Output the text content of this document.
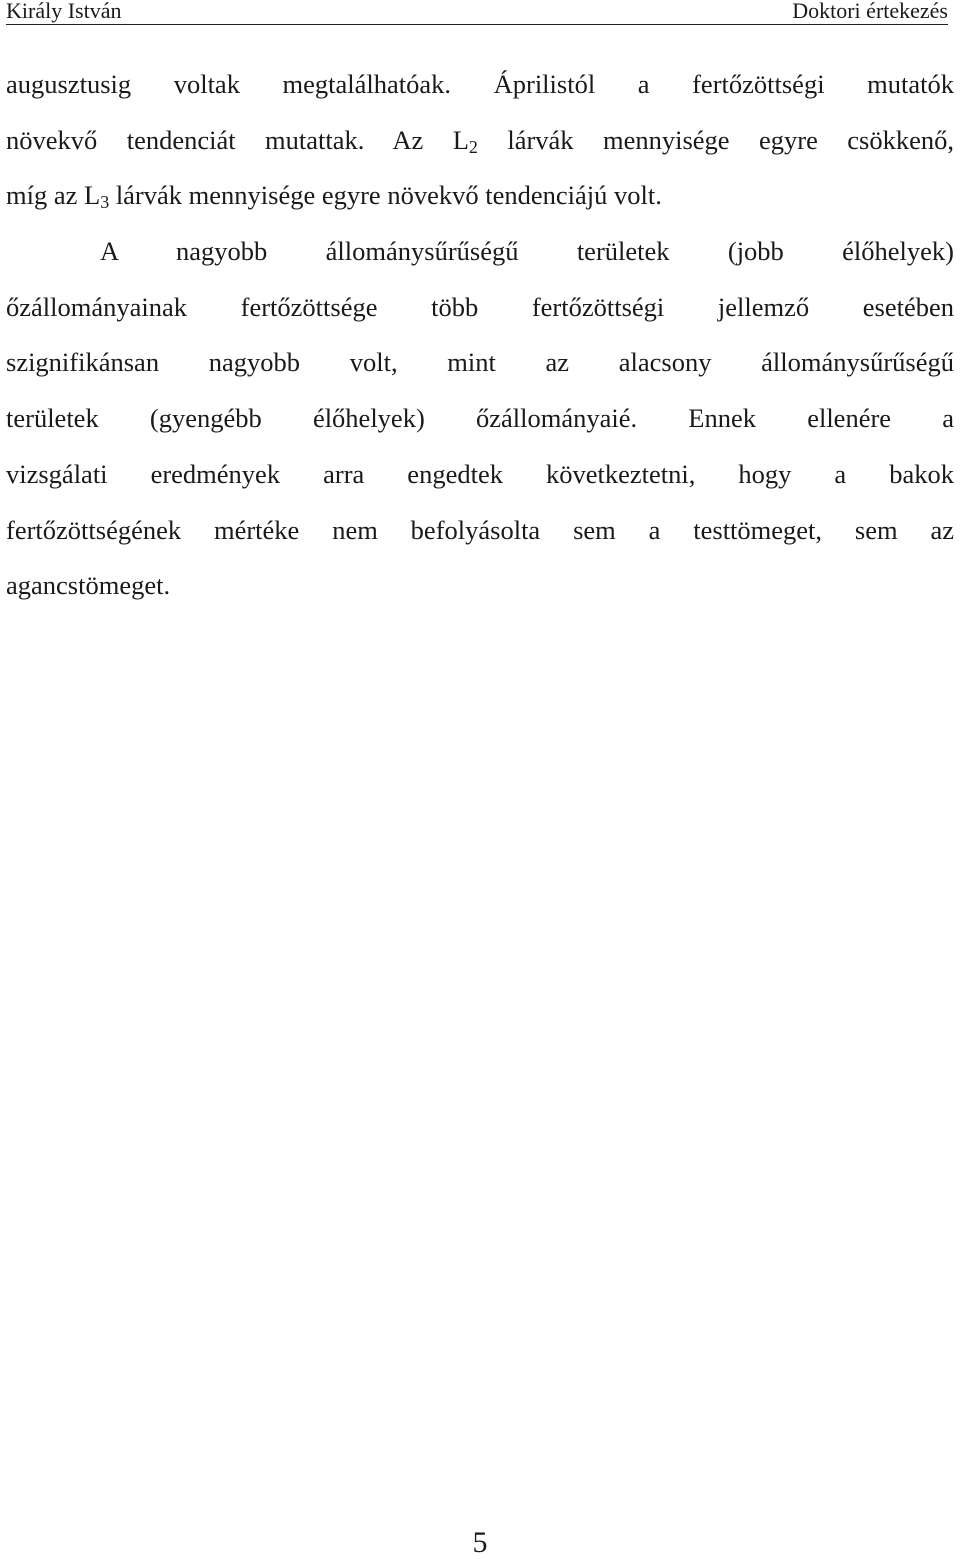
Király István	Doktori értekezés
augusztusig voltak megtalálhatóak. Áprilistól a fertőzöttségi mutatók
növekvő tendenciát mutattak. Az $L_2$ lárvák mennyisége egyre csökkenő,
míg az $L_3$ lárvák mennyisége egyre növekvő tendenciájú volt.
A nagyobb állománysűrűségű területek (jobb élőhelyek)
őzállományainak fertőzöttsége több fertőzöttségi jellemző esetében
szignifikánsan nagyobb volt, mint az alacsony állománysűrűségű
területek (gyengébb élőhelyek) őzállományaié. Ennek ellenére a
vizsgálati eredmények arra engedtek következtetni, hogy a bakok
fertőzöttségének mértéke nem befolyásolta sem a testtömeget, sem az
agancstömeget.
5
